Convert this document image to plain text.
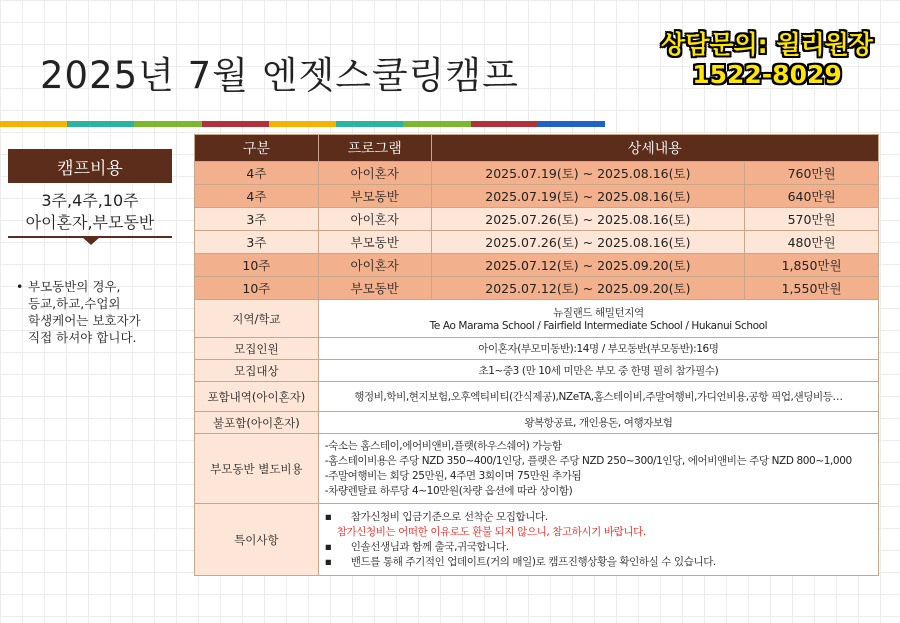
2025년 7월 엔젯스쿨링캠프
상담문의: 윌리원장
1522-8029
캠프비용
3주,4주,10주
아이혼자,부모동반
• 부모동반의 경우,
등교,하교,수업외
학생케어는 보호자가
직접 하셔야 합니다.
구분	프로그램	상세내용	
4주	아이혼자	2025.07.19(토) ~ 2025.08.16(토)	760만원
4주	부모동반	2025.07.19(토) ~ 2025.08.16(토)	640만원
3주	아이혼자	2025.07.26(토) ~ 2025.08.16(토)	570만원
3주	부모동반	2025.07.26(토) ~ 2025.08.16(토)	480만원
10주	아이혼자	2025.07.12(토) ~ 2025.09.20(토)	1,850만원
10주	부모동반	2025.07.12(토) ~ 2025.09.20(토)	1,550만원
지역/학교	뉴질랜드 해밀턴지역
Te Ao Marama School / Fairfield Intermediate School / Hukanui School		

모집인원	아이혼자(부모미동반):14명 / 부모동반(부모동반):16명		
모집대상	초1~중3 (만 10세 미만은 부모 중 한명 필히 참가필수)		
포함내역(아이혼자)	행정비,학비,현지보험,오후엑티비티(간식제공),NZeTA,홈스테이비,주말여행비,가디언비용,공항 픽업,샌딩비등…		
불포함(아이혼자)	왕복항공료, 개인용돈, 여행자보험		
부모동반 별도비용	-숙소는 홈스테이,에어비앤비,플랫(하우스쉐어) 가능함
-홈스테이비용은 주당 NZD 350~400/1인당, 플랫은 주당 NZD 250~300/1인당, 에어비앤비는 주당 NZD 800~1,000
-주말여행비는 회당 25만원, 4주면 3회이며 75만원 추가됨
-차량렌탈료 하루당 4~10만원(차량 옵션에 따라 상이함)		

특이사항	▪ 참가신청비 입금기준으로 선착순 모집합니다.
참가신청비는 어떠한 이유로도 환불 되지 않으니, 참고하시기 바랍니다.
▪ 인솔선생님과 함께 출국,귀국합니다.
▪ 밴드를 통해 주기적인 업데이트(거의 매일)로 캠프진행상황을 확인하실 수 있습니다.		
